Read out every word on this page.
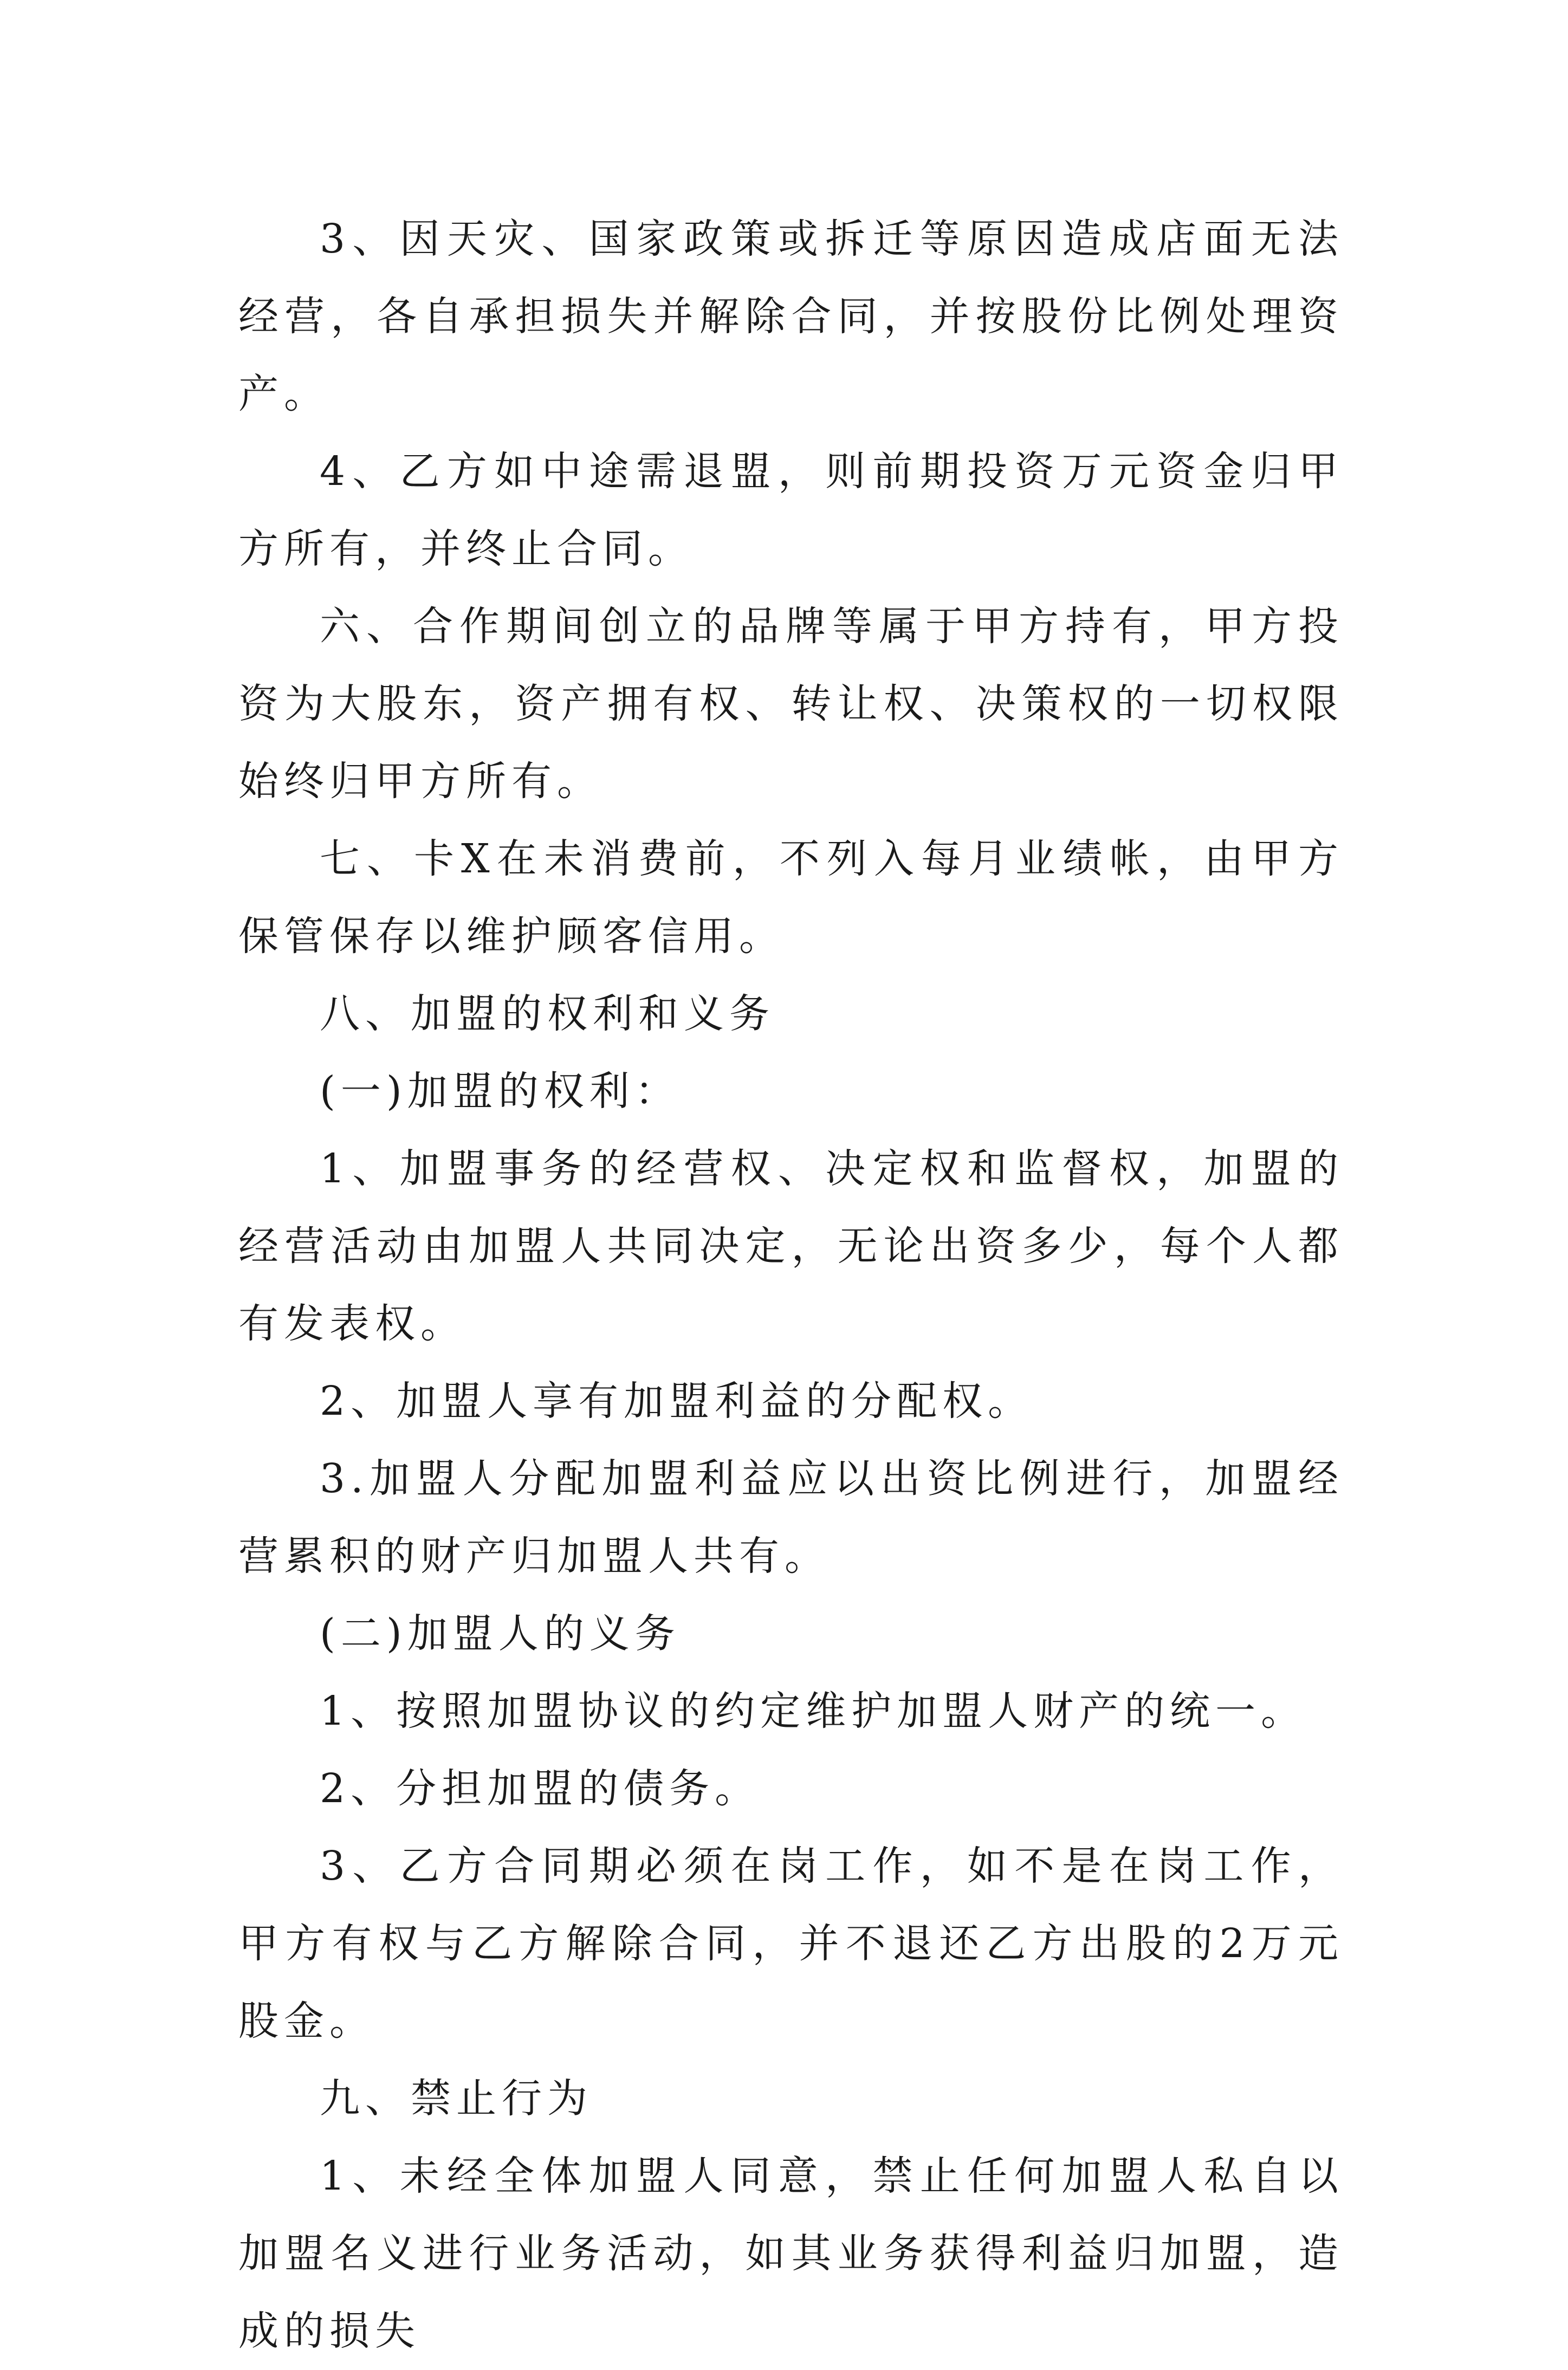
3、因天灾、国家政策或拆迁等原因造成店面无法经营，各自承担损失并解除合同，并按股份比例处理资产。

4、乙方如中途需退盟，则前期投资万元资金归甲方所有，并终止合同。

六、合作期间创立的品牌等属于甲方持有，甲方投资为大股东，资产拥有权、转让权、决策权的一切权限始终归甲方所有。

七、卡X在未消费前，不列入每月业绩帐，由甲方保管保存以维护顾客信用。

八、加盟的权利和义务

(一)加盟的权利：

1、加盟事务的经营权、决定权和监督权，加盟的经营活动由加盟人共同决定，无论出资多少，每个人都有发表权。

2、加盟人享有加盟利益的分配权。

3.加盟人分配加盟利益应以出资比例进行，加盟经营累积的财产归加盟人共有。

(二)加盟人的义务

1、按照加盟协议的约定维护加盟人财产的统一。

2、分担加盟的债务。

3、乙方合同期必须在岗工作，如不是在岗工作，甲方有权与乙方解除合同，并不退还乙方出股的2万元股金。

九、禁止行为

1、未经全体加盟人同意，禁止任何加盟人私自以加盟名义进行业务活动，如其业务获得利益归加盟，造成的损失
